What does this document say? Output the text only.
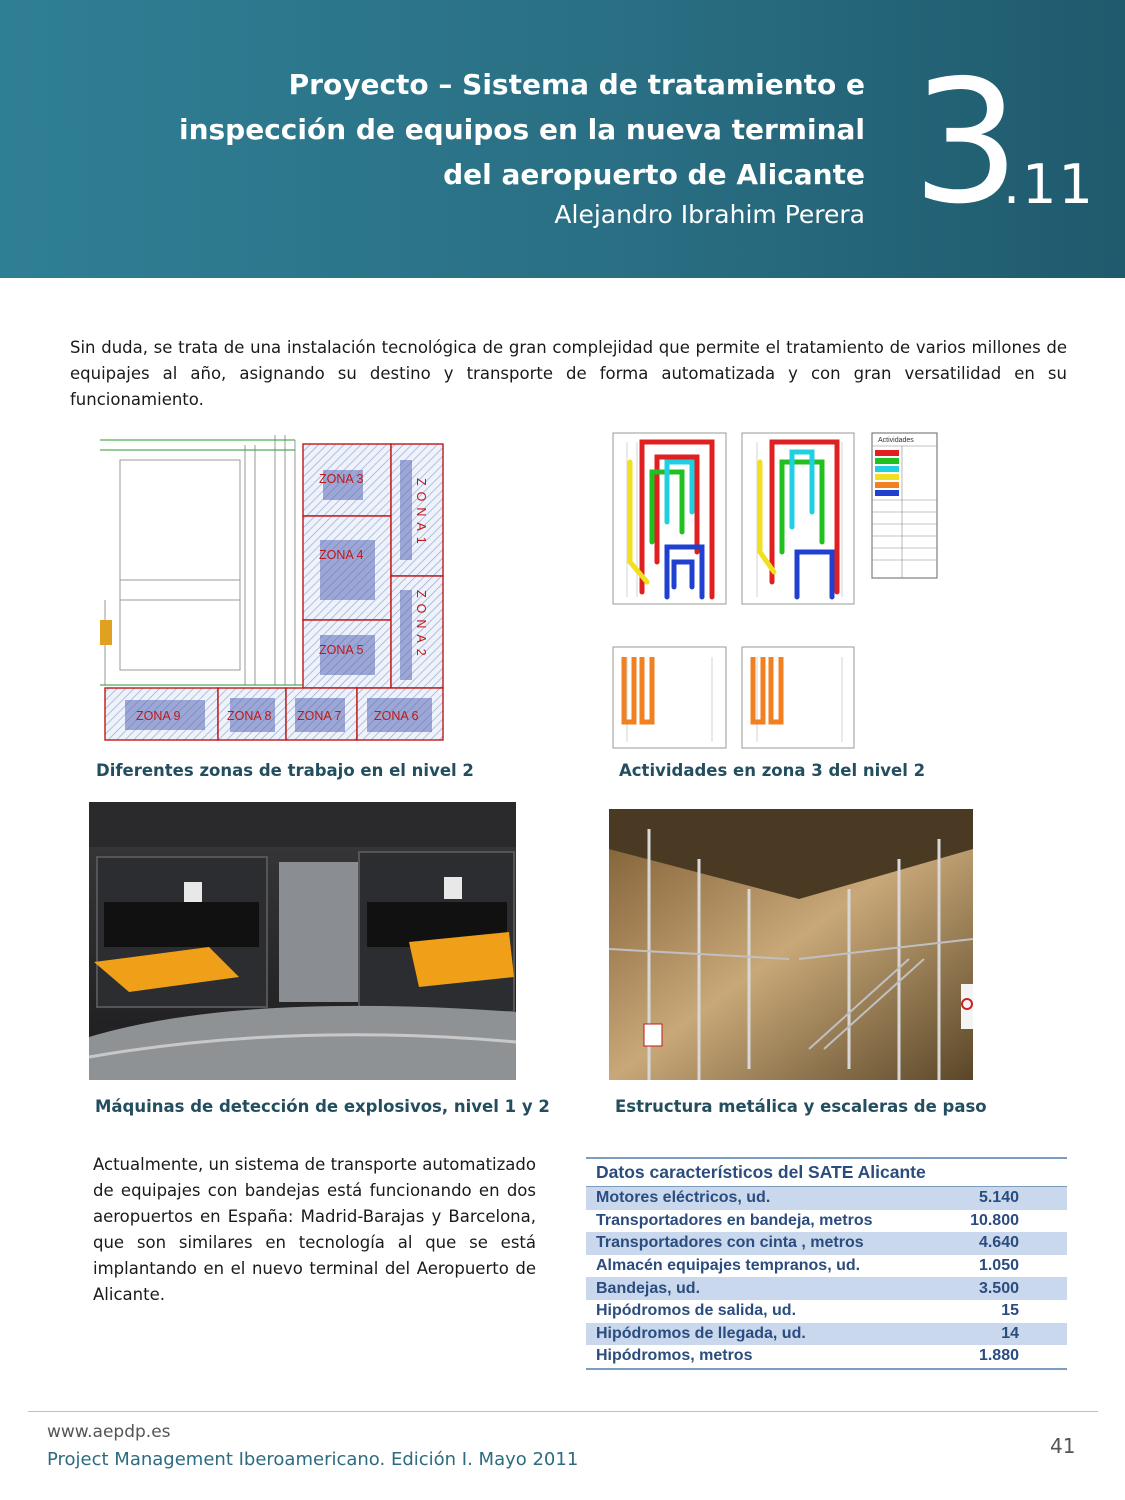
Proyecto – Sistema de tratamiento e
inspección de equipos en la nueva terminal
del aeropuerto de Alicante
Alejandro Ibrahim Perera 3
.11
Sin duda, se trata de una instalación tecnológica de gran complejidad que permite el tratamiento de varios millones de equipajes al año, asignando su destino y transporte de forma automatizada y con gran versatilidad en su funcionamiento.
ZONA 3
ZONA 4
ZONA 5
ZONA 9	ZONA 8 ZONA 7	ZONA 6
ZONA1
ZONA2
Diferentes zonas de trabajo en el nivel 2
Actividades
Actividades en zona 3 del nivel 2
Máquinas de detección de explosivos, nivel 1 y 2	Estructura metálica y escaleras de paso
Actualmente, un sistema de transporte automatizado de equipajes con bandejas está funcionando en dos aeropuertos en España: Madrid-Barajas y Barcelona, que son similares en tecnología al que se está implantando en el nuevo terminal del Aeropuerto de Alicante.
Datos característicos del SATE Alicante
Motores eléctricos, ud.	5.140
Transportadores en bandeja, metros	10.800
Transportadores con cinta , metros	4.640
Almacén equipajes tempranos, ud.	1.050
Bandejas, ud.	3.500
Hipódromos de salida, ud.	15
Hipódromos de llegada, ud.	14
Hipódromos, metros	1.880
www.aepdp.es
Project Management Iberoamericano. Edición I. Mayo 2011
41
